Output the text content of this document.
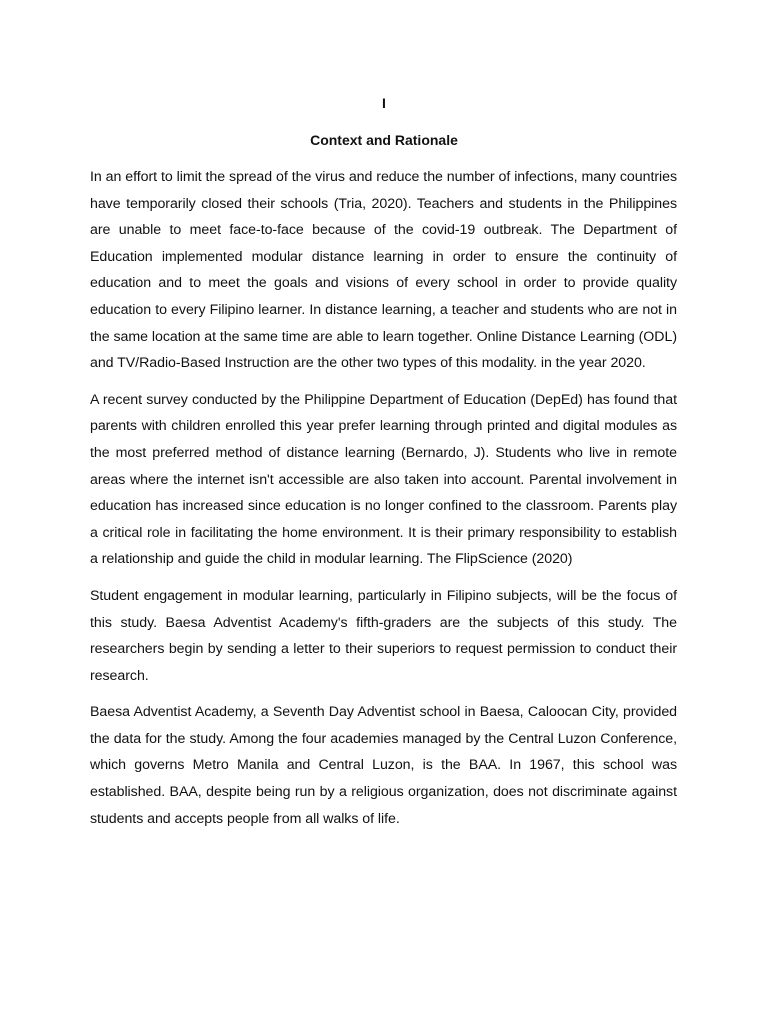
I
Context and Rationale

In an effort to limit the spread of the virus and reduce the number of infections, many countries have temporarily closed their schools (Tria, 2020). Teachers and students in the Philippines are unable to meet face-to-face because of the covid-19 outbreak. The Department of Education implemented modular distance learning in order to ensure the continuity of education and to meet the goals and visions of every school in order to provide quality education to every Filipino learner. In distance learning, a teacher and students who are not in the same location at the same time are able to learn together. Online Distance Learning (ODL) and TV/Radio-Based Instruction are the other two types of this modality. in the year 2020.

A recent survey conducted by the Philippine Department of Education (DepEd) has found that parents with children enrolled this year prefer learning through printed and digital modules as the most preferred method of distance learning (Bernardo, J). Students who live in remote areas where the internet isn't accessible are also taken into account. Parental involvement in education has increased since education is no longer confined to the classroom. Parents play a critical role in facilitating the home environment. It is their primary responsibility to establish a relationship and guide the child in modular learning. The FlipScience (2020)

Student engagement in modular learning, particularly in Filipino subjects, will be the focus of this study. Baesa Adventist Academy's fifth-graders are the subjects of this study. The researchers begin by sending a letter to their superiors to request permission to conduct their research.

Baesa Adventist Academy, a Seventh Day Adventist school in Baesa, Caloocan City, provided the data for the study. Among the four academies managed by the Central Luzon Conference, which governs Metro Manila and Central Luzon, is the BAA. In 1967, this school was established. BAA, despite being run by a religious organization, does not discriminate against students and accepts people from all walks of life.
